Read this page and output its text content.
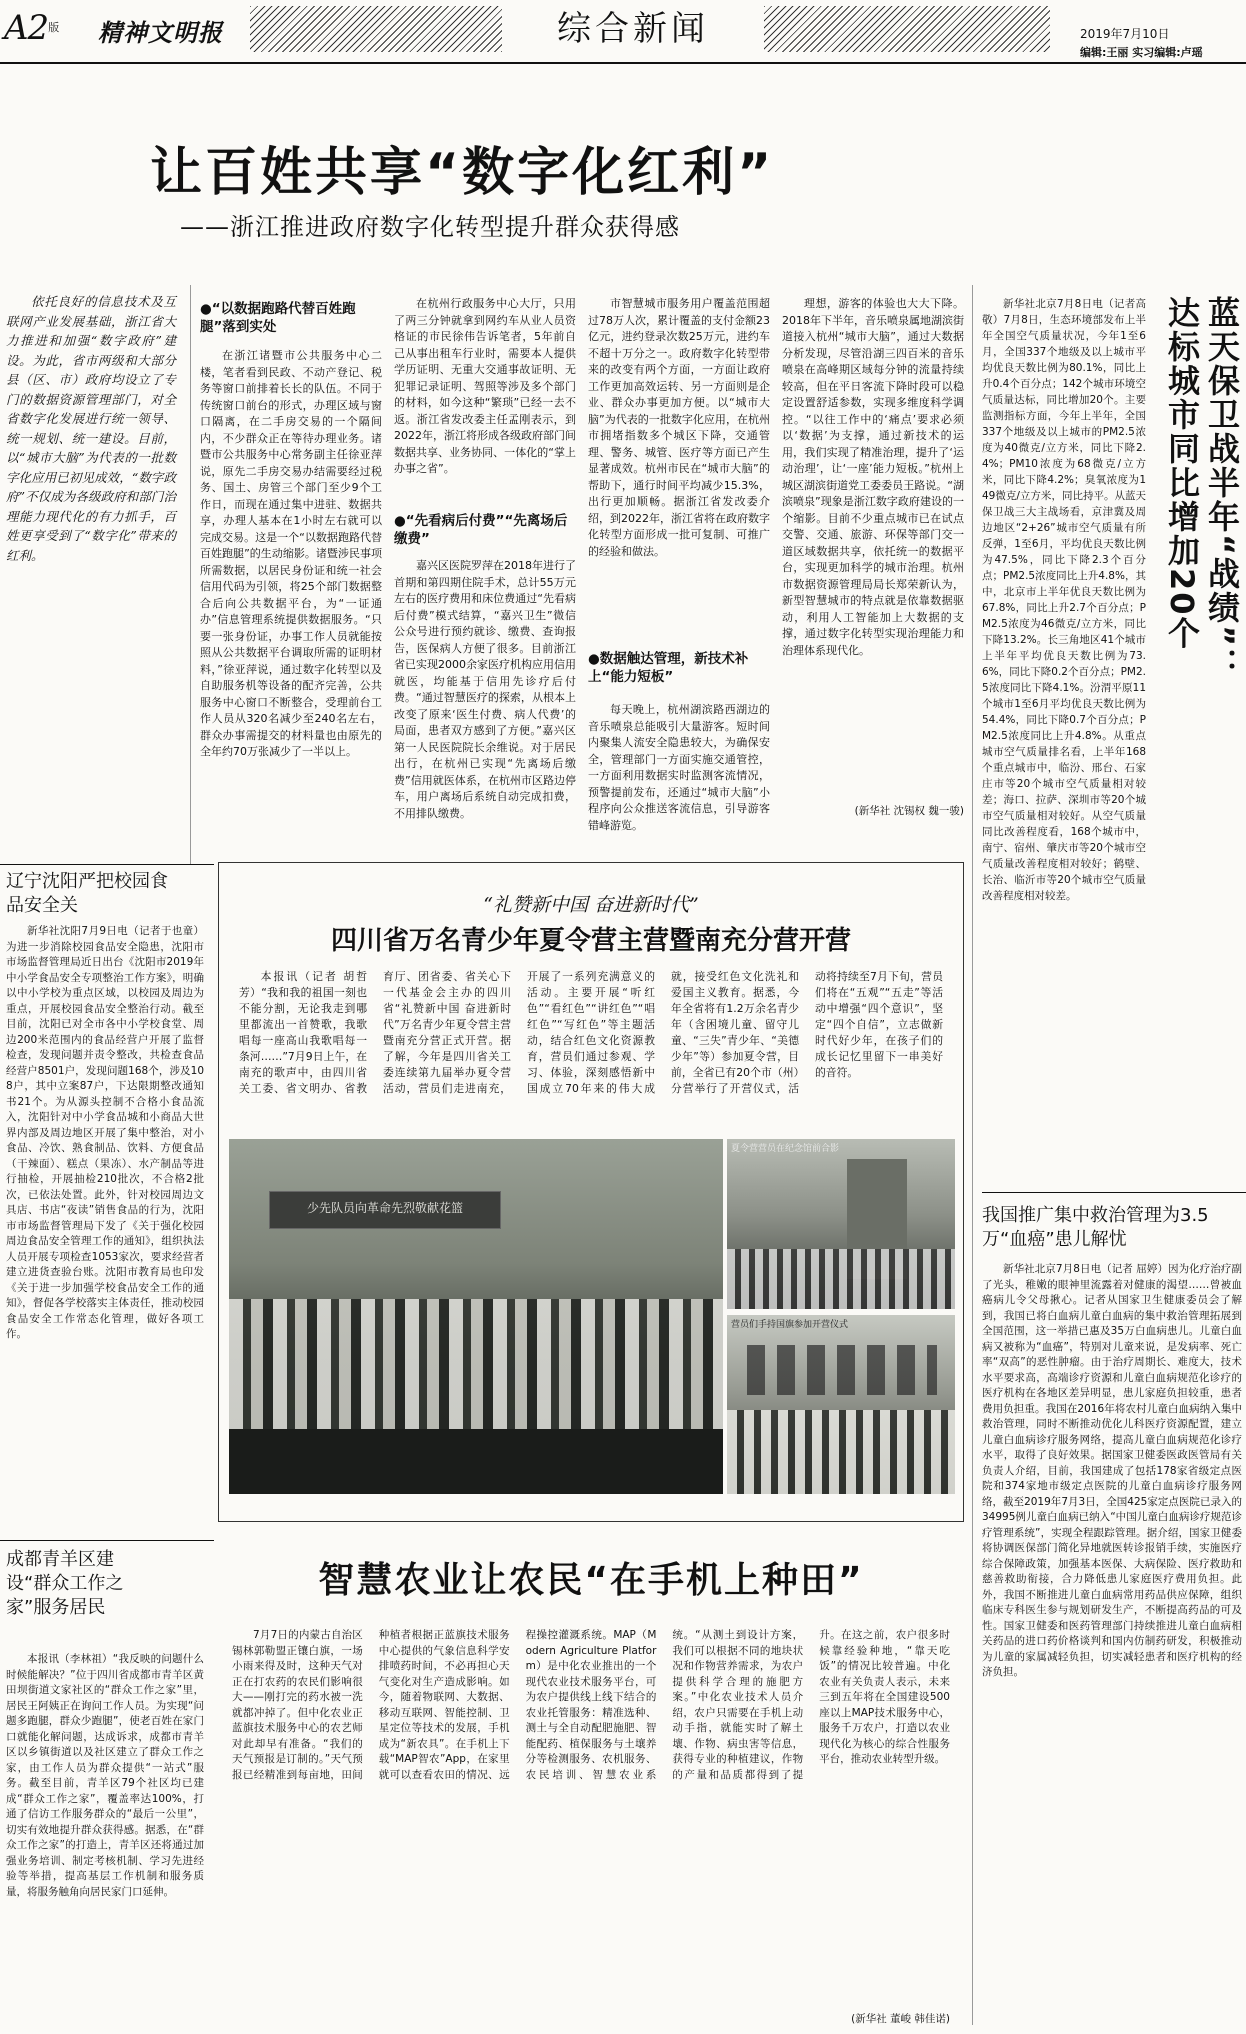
A2版 精神文明报	综合新闻	2019年7月10日
编辑:王丽 实习编辑:卢瑶
让百姓共享“数字化红利”
——浙江推进政府数字化转型提升群众获得感

依托良好的信息技术及互联网产业发展基础，浙江省大力推进和加强“数字政府”建设。为此，省市两级和大部分县（区、市）政府均设立了专门的数据资源管理部门，对全省数字化发展进行统一领导、统一规划、统一建设。目前，以“城市大脑”为代表的一批数字化应用已初见成效，“数字政府”不仅成为各级政府和部门治理能力现代化的有力抓手，百姓更享受到了“数字化”带来的红利。

●“以数据跑路代替百姓跑腿”落到实处

在浙江诸暨市公共服务中心二楼，笔者看到民政、不动产登记、税务等窗口前排着长长的队伍。不同于传统窗口前台的形式，办理区域与窗口隔离，在二手房交易的一个隔间内，不少群众正在等待办理业务。诸暨市公共服务中心常务副主任徐亚萍说，原先二手房交易办结需要经过税务、国土、房管三个部门至少9个工作日，而现在通过集中进驻、数据共享，办理人基本在1小时左右就可以完成交易。这是一个“以数据跑路代替百姓跑腿”的生动缩影。诸暨涉民事项所需数据，以居民身份证和统一社会信用代码为引领，将25个部门数据整合后向公共数据平台，为“一证通办”信息管理系统提供数据服务。“只要一张身份证，办事工作人员就能按照从公共数据平台调取所需的证明材料，”徐亚萍说，通过数字化转型以及自助服务机等设备的配齐完善，公共服务中心窗口不断整合，受理前台工作人员从320名减少至240名左右，群众办事需提交的材料量也由原先的全年约70万张减少了一半以上。

在杭州行政服务中心大厅，只用了两三分钟就拿到网约车从业人员资格证的市民徐伟告诉笔者，5年前自己从事出租车行业时，需要本人提供学历证明、无重大交通事故证明、无犯罪记录证明、驾照等涉及多个部门的材料，如今这种“繁琐”已经一去不返。浙江省发改委主任孟刚表示，到2022年，浙江将形成各级政府部门间数据共享、业务协同、一体化的“掌上办事之省”。

●“先看病后付费”“先离场后缴费”

嘉兴区医院罗萍在2018年进行了首期和第四期住院手术，总计55万元左右的医疗费用和床位费通过“先看病后付费”模式结算，“嘉兴卫生”微信公众号进行预约就诊、缴费、查询报告，医保病人方便了很多。目前浙江省已实现2000余家医疗机构应用信用就医，均能基于信用先诊疗后付费。“通过智慧医疗的探索，从根本上改变了原来‘医生付费、病人代费’的局面，患者双方感到了方便。”嘉兴区第一人民医院院长余维说。对于居民出行，在杭州已实现“先离场后缴费”信用就医体系，在杭州市区路边停车，用户离场后系统自动完成扣费，不用排队缴费。

市智慧城市服务用户覆盖范围超过78万人次，累计覆盖的支付金额23亿元，进约登录次数25万元，进约车不超十万分之一。政府数字化转型带来的改变有两个方面，一方面让政府工作更加高效运转、另一方面则是企业、群众办事更加方便。以“城市大脑”为代表的一批数字化应用，在杭州市拥堵指数多个城区下降，交通管理、警务、城管、医疗等方面已产生显著成效。杭州市民在“城市大脑”的帮助下，通行时间平均减少15.3%，出行更加顺畅。据浙江省发改委介绍，到2022年，浙江省将在政府数字化转型方面形成一批可复制、可推广的经验和做法。

●数据触达管理，新技术补上“能力短板”

每天晚上，杭州湖滨路西湖边的音乐喷泉总能吸引大量游客。短时间内聚集人流安全隐患较大，为确保安全，管理部门一方面实施交通管控，一方面利用数据实时监测客流情况，预警提前发布，还通过“城市大脑”小程序向公众推送客流信息，引导游客错峰游览。

理想，游客的体验也大大下降。2018年下半年，音乐喷泉属地湖滨街道接入杭州“城市大脑”，通过大数据分析发现，尽管沿湖三四百米的音乐喷泉在高峰期区域每分钟的流量持续较高，但在平日客流下降时段可以稳定设置舒适参数，实现多维度科学调控。“以往工作中的‘痛点’要求必须以‘数据’为支撑，通过新技术的运用，我们实现了精准治理，提升了‘运动治理’，让‘一座’能力短板。”杭州上城区湖滨街道党工委委员王路说。“湖滨喷泉”现象是浙江数字政府建设的一个缩影。目前不少重点城市已在试点交警、交通、旅游、环保等部门交一道区域数据共享，依托统一的数据平台，实现更加科学的城市治理。杭州市数据资源管理局局长郑荣新认为，新型智慧城市的特点就是依靠数据驱动，利用人工智能加上大数据的支撑，通过数字化转型实现治理能力和治理体系现代化。

(新华社 沈锡权 魏一骏)

新华社北京7月8日电（记者高敬）7月8日，生态环境部发布上半年全国空气质量状况，今年1至6月，全国337个地级及以上城市平均优良天数比例为80.1%，同比上升0.4个百分点；142个城市环境空气质量达标，同比增加20个。主要监测指标方面，今年上半年，全国337个地级及以上城市的PM2.5浓度为40微克/立方米，同比下降2.4%；PM10浓度为68微克/立方米，同比下降4.2%；臭氧浓度为149微克/立方米，同比持平。从蓝天保卫战三大主战场看，京津冀及周边地区“2+26”城市空气质量有所反弹，1至6月，平均优良天数比例为47.5%，同比下降2.3个百分点；PM2.5浓度同比上升4.8%，其中，北京市上半年优良天数比例为67.8%，同比上升2.7个百分点；PM2.5浓度为46微克/立方米，同比下降13.2%。长三角地区41个城市上半年平均优良天数比例为73.6%，同比下降0.2个百分点；PM2.5浓度同比下降4.1%。汾渭平原11个城市1至6月平均优良天数比例为54.4%，同比下降0.7个百分点；PM2.5浓度同比上升4.8%。从重点城市空气质量排名看，上半年168个重点城市中，临汾、邢台、石家庄市等20个城市空气质量相对较差；海口、拉萨、深圳市等20个城市空气质量相对较好。从空气质量同比改善程度看，168个城市中，南宁、宿州、肇庆市等20个城市空气质量改善程度相对较好；鹤壁、长治、临沂市等20个城市空气质量改善程度相对较差。

蓝天保卫战半年“战绩”：达标城市同比增加20个
我国推广集中救治管理为3.5万“血癌”患儿解忧

新华社北京7月8日电（记者 屈婷）因为化疗治疗副了光头，稚嫩的眼神里流露着对健康的渴望……曾被血癌病儿令父母揪心。记者从国家卫生健康委员会了解到，我国已将白血病儿童白血病的集中救治管理拓展到全国范围，这一举措已惠及35万白血病患儿。儿童白血病又被称为“血癌”，特别对儿童来说，是发病率、死亡率“双高”的恶性肿瘤。由于治疗周期长、难度大，技术水平要求高，高端诊疗资源和儿童白血病规范化诊疗的医疗机构在各地区差异明显，患儿家庭负担较重，患者费用负担重。我国在2016年将农村儿童白血病纳入集中救治管理，同时不断推动优化儿科医疗资源配置，建立儿童白血病诊疗服务网络，提高儿童白血病规范化诊疗水平，取得了良好效果。据国家卫健委医政医管局有关负责人介绍，目前，我国建成了包括178家省级定点医院和374家地市级定点医院的儿童白血病诊疗服务网络，截至2019年7月3日，全国425家定点医院已录入的34995例儿童白血病已纳入“中国儿童白血病诊疗规范诊疗管理系统”，实现全程跟踪管理。据介绍，国家卫健委将协调医保部门简化异地就医转诊报销手续，实施医疗综合保障政策，加强基本医保、大病保险、医疗救助和慈善救助衔接，合力降低患儿家庭医疗费用负担。此外，我国不断推进儿童白血病常用药品供应保障，组织临床专科医生参与规划研发生产，不断提高药品的可及性。国家卫健委和医药管理部门持续推进儿童白血病相关药品的进口药价格谈判和国内仿制药研发，积极推动为儿童的家属减轻负担，切实减轻患者和医疗机构的经济负担。

辽宁沈阳严把校园食品安全关

新华社沈阳7月9日电（记者于也童）为进一步消除校园食品安全隐患，沈阳市市场监督管理局近日出台《沈阳市2019年中小学食品安全专项整治工作方案》，明确以中小学校为重点区域，以校园及周边为重点，开展校园食品安全整治行动。截至目前，沈阳已对全市各中小学校食堂、周边200米范围内的食品经营户开展了监督检查，发现问题并责令整改，共检查食品经营户8501户，发现问题168个，涉及108户，其中立案87户，下达限期整改通知书21个。为从源头控制不合格小食品流入，沈阳针对中小学食品城和小商品大世界内部及周边地区开展了集中整治，对小食品、冷饮、熟食制品、饮料、方便食品（干辣面）、糕点（果冻）、水产制品等进行抽检，开展抽检210批次，不合格2批次，已依法处置。此外，针对校园周边文具店、书店“夜读”销售食品的行为，沈阳市市场监督管理局下发了《关于强化校园周边食品安全管理工作的通知》，组织执法人员开展专项检查1053家次，要求经营者建立进货查验台账。沈阳市教育局也印发《关于进一步加强学校食品安全工作的通知》，督促各学校落实主体责任，推动校园食品安全工作常态化管理，做好各项工作。

成都青羊区建设“群众工作之家”服务居民

本报讯（李林祖）“我反映的问题什么时候能解决？”位于四川省成都市青羊区黄田坝街道文家社区的“群众工作之家”里，居民王阿姨正在询问工作人员。为实现“问题多跑腿，群众少跑腿”，使老百姓在家门口就能化解问题，达成诉求，成都市青羊区以乡镇街道以及社区建立了群众工作之家，由工作人员为群众提供“一站式”服务。截至目前，青羊区79个社区均已建成“群众工作之家”，覆盖率达100%，打通了信访工作服务群众的“最后一公里”，切实有效地提升群众获得感。据悉，在“群众工作之家”的打造上，青羊区还将通过加强业务培训、制定考核机制、学习先进经验等举措，提高基层工作机制和服务质量，将服务触角向居民家门口延伸。

“礼赞新中国 奋进新时代”
四川省万名青少年夏令营主营暨南充分营开营

本报讯（记者 胡哲芳）“我和我的祖国一刻也不能分割，无论我走到哪里都流出一首赞歌，我歌唱每一座高山我歌唱每一条河……”7月9日上午，在南充的歌声中，由四川省关工委、省文明办、省教育厅、团省委、省关心下一代基金会主办的四川省“礼赞新中国 奋进新时代”万名青少年夏令营主营暨南充分营正式开营。据了解，今年是四川省关工委连续第九届举办夏令营活动，营员们走进南充，开展了一系列充满意义的活动。主要开展“听红色”“看红色”“讲红色”“唱红色”“写红色”等主题活动，结合红色文化资源教育，营员们通过参观、学习、体验，深刻感悟新中国成立70年来的伟大成就，接受红色文化洗礼和爱国主义教育。据悉，今年全省将有1.2万余名青少年（含困境儿童、留守儿童、“三失”青少年、“美德少年”等）参加夏令营，目前，全省已有20个市（州）分营举行了开营仪式，活动将持续至7月下旬，营员们将在“五观”“五走”等活动中增强“四个意识”，坚定“四个自信”，立志做新时代好少年，在孩子们的成长记忆里留下一串美好的音符。

少先队员向革命先烈敬献花篮
夏令营营员在纪念馆前合影
营员们手持国旗参加开营仪式
智慧农业让农民“在手机上种田”

7月7日的内蒙古自治区锡林郭勒盟正镶白旗，一场小雨来得及时，这种天气对正在打农药的农民们影响很大——刚打完的药水被一洗就都冲掉了。但中化农业正蓝旗技术服务中心的农艺师对此却早有准备。“我们的天气预报是订制的。”天气预报已经精准到每亩地，田间种植者根据正蓝旗技术服务中心提供的气象信息科学安排喷药时间，不必再担心天气变化对生产造成影响。如今，随着物联网、大数据、移动互联网、智能控制、卫星定位等技术的发展，手机成为“新农具”。在手机上下载“MAP智农”App，在家里就可以查看农田的情况、远程操控灌溉系统。MAP（Modern Agriculture Platform）是中化农业推出的一个现代农业技术服务平台，可为农户提供线上线下结合的农业托管服务：精准选种、测土与全自动配肥施肥、智能配药、植保服务与土壤养分等检测服务、农机服务、农民培训、智慧农业系统。“从测土到设计方案，我们可以根据不同的地块状况和作物营养需求，为农户提供科学合理的施肥方案。”中化农业技术人员介绍，农户只需要在手机上动动手指，就能实时了解土壤、作物、病虫害等信息，获得专业的种植建议，作物的产量和品质都得到了提升。在这之前，农户很多时候靠经验种地，“靠天吃饭”的情况比较普遍。中化农业有关负责人表示，未来三到五年将在全国建设500座以上MAP技术服务中心，服务千万农户，打造以农业现代化为核心的综合性服务平台，推动农业转型升级。

(新华社 董峻 韩佳诺)
